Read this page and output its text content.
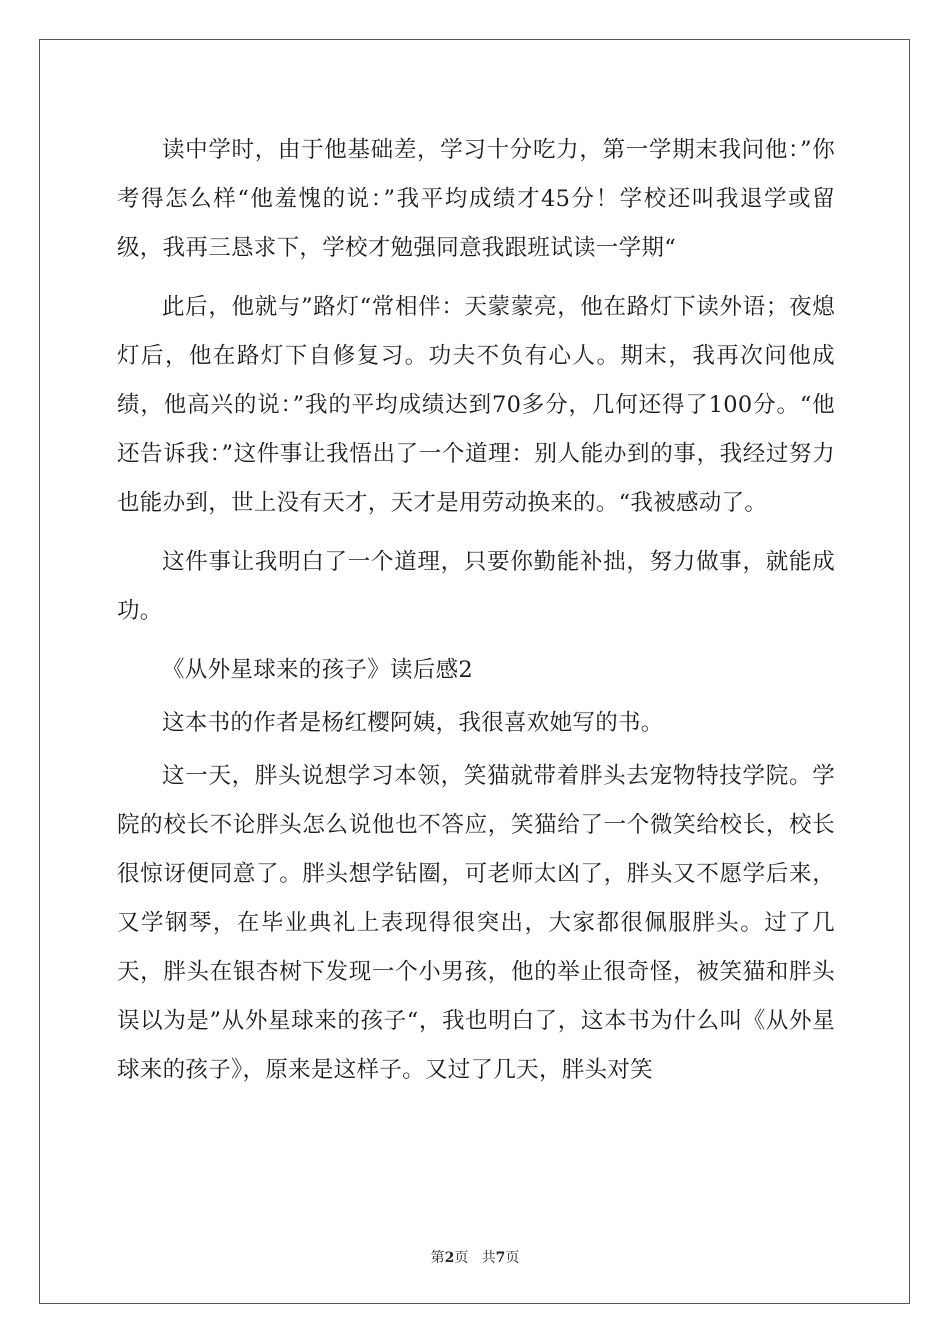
读中学时，由于他基础差，学习十分吃力，第一学期末我问他：”你考得怎么样“他羞愧的说：”我平均成绩才45分！学校还叫我退学或留级，我再三恳求下，学校才勉强同意我跟班试读一学期“

此后，他就与”路灯“常相伴：天蒙蒙亮，他在路灯下读外语；夜熄灯后，他在路灯下自修复习。功夫不负有心人。期末，我再次问他成绩，他高兴的说：”我的平均成绩达到70多分，几何还得了100分。“他还告诉我：”这件事让我悟出了一个道理：别人能办到的事，我经过努力也能办到，世上没有天才，天才是用劳动换来的。“我被感动了。

这件事让我明白了一个道理，只要你勤能补拙，努力做事，就能成功。

《从外星球来的孩子》读后感2

这本书的作者是杨红樱阿姨，我很喜欢她写的书。

这一天，胖头说想学习本领，笑猫就带着胖头去宠物特技学院。学院的校长不论胖头怎么说他也不答应，笑猫给了一个微笑给校长，校长很惊讶便同意了。胖头想学钻圈，可老师太凶了，胖头又不愿学后来，又学钢琴，在毕业典礼上表现得很突出，大家都很佩服胖头。过了几天，胖头在银杏树下发现一个小男孩，他的举止很奇怪，被笑猫和胖头误以为是”从外星球来的孩子“，我也明白了，这本书为什么叫《从外星球来的孩子》，原来是这样子。又过了几天，胖头对笑

第2页 共7页
